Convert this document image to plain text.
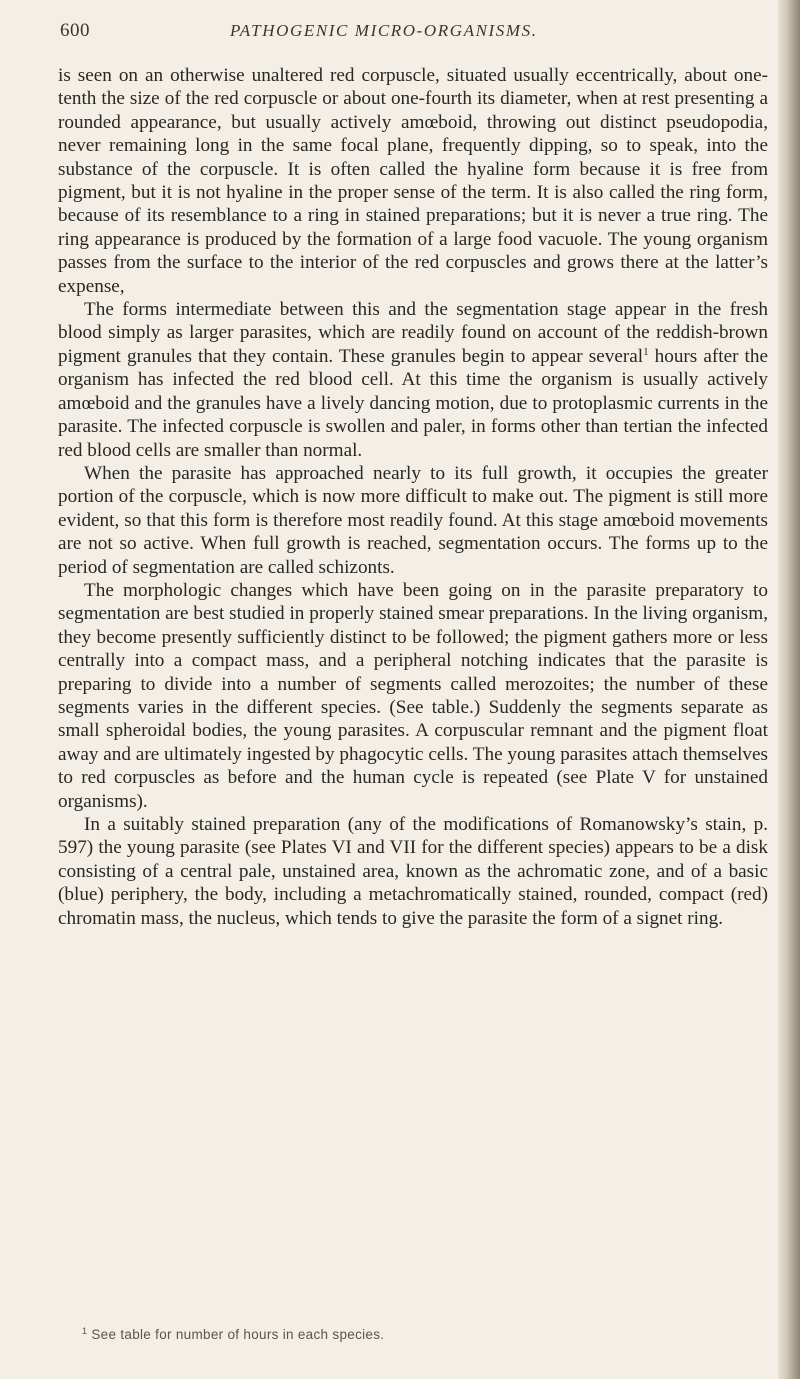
600	PATHOGENIC MICRO-ORGANISMS.

is seen on an otherwise unaltered red corpuscle, situated usually eccentrically, about one-tenth the size of the red corpuscle or about one-fourth its diameter, when at rest presenting a rounded appearance, but usually actively amœboid, throwing out distinct pseudopodia, never remaining long in the same focal plane, frequently dipping, so to speak, into the substance of the corpuscle. It is often called the hyaline form because it is free from pigment, but it is not hyaline in the proper sense of the term. It is also called the ring form, because of its resemblance to a ring in stained preparations; but it is never a true ring. The ring appearance is produced by the formation of a large food vacuole. The young organism passes from the surface to the interior of the red corpuscles and grows there at the latter’s expense,

The forms intermediate between this and the segmentation stage appear in the fresh blood simply as larger parasites, which are readily found on account of the reddish-brown pigment granules that they contain. These granules begin to appear several$^1$ hours after the organism has infected the red blood cell. At this time the organism is usually actively amœboid and the granules have a lively dancing motion, due to protoplasmic currents in the parasite. The infected corpuscle is swollen and paler, in forms other than tertian the infected red blood cells are smaller than normal.

When the parasite has approached nearly to its full growth, it occupies the greater portion of the corpuscle, which is now more difficult to make out. The pigment is still more evident, so that this form is therefore most readily found. At this stage amœboid movements are not so active. When full growth is reached, segmentation occurs. The forms up to the period of segmentation are called schizonts.

The morphologic changes which have been going on in the parasite preparatory to segmentation are best studied in properly stained smear preparations. In the living organism, they become presently sufficiently distinct to be followed; the pigment gathers more or less centrally into a compact mass, and a peripheral notching indicates that the parasite is preparing to divide into a number of segments called merozoites; the number of these segments varies in the different species. (See table.) Suddenly the segments separate as small spheroidal bodies, the young parasites. A corpuscular remnant and the pigment float away and are ultimately ingested by phagocytic cells. The young parasites attach themselves to red corpuscles as before and the human cycle is repeated (see Plate V for unstained organisms).

In a suitably stained preparation (any of the modifications of Romanowsky’s stain, p. 597) the young parasite (see Plates VI and VII for the different species) appears to be a disk consisting of a central pale, unstained area, known as the achromatic zone, and of a basic (blue) periphery, the body, including a metachromatically stained, rounded, compact (red) chromatin mass, the nucleus, which tends to give the parasite the form of a signet ring.

$^1$ See table for number of hours in each species.
